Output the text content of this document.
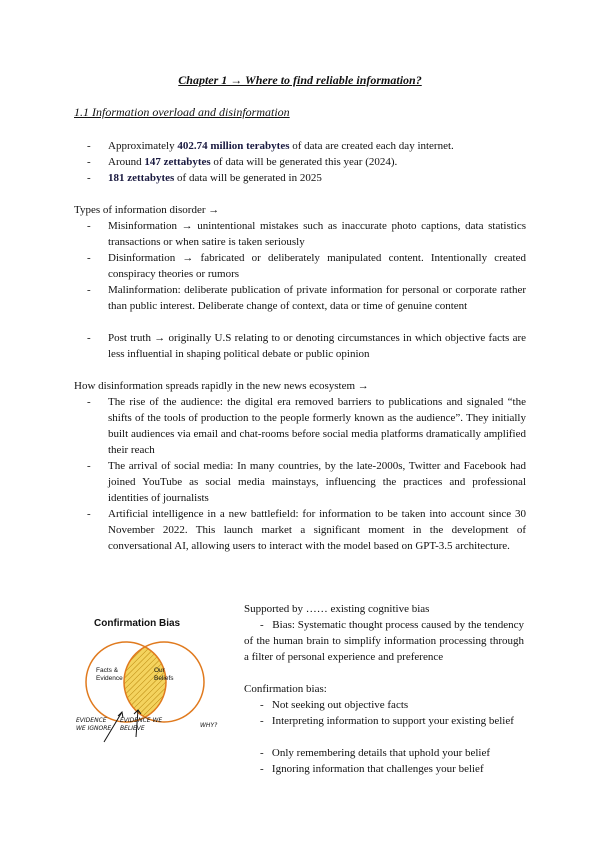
Chapter 1 → Where to find reliable information?
1.1 Information overload and disinformation
- Approximately 402.74 million terabytes of data are created each day internet.
- Around 147 zettabytes of data will be generated this year (2024).
- 181 zettabytes of data will be generated in 2025
Types of information disorder →
- Misinformation → unintentional mistakes such as inaccurate photo captions, data statistics transactions or when satire is taken seriously
- Disinformation → fabricated or deliberately manipulated content. Intentionally created conspiracy theories or rumors
- Malinformation: deliberate publication of private information for personal or corporate rather than public interest. Deliberate change of context, data or time of genuine content
- Post truth → originally U.S relating to or denoting circumstances in which objective facts are less influential in shaping political debate or public opinion
How disinformation spreads rapidly in the new news ecosystem →
- The rise of the audience: the digital era removed barriers to publications and signaled “the shifts of the tools of production to the people formerly known as the audience”. They initially built audiences via email and chat-rooms before social media platforms dramatically amplified their reach
- The arrival of social media: In many countries, by the late-2000s, Twitter and Facebook had joined YouTube as social media mainstays, influencing the practices and professional identities of journalists
- Artificial intelligence in a new battlefield: for information to be taken into account since 30 November 2022. This launch market a significant moment in the development of conversational AI, allowing users to interact with the model based on GPT-3.5 architecture.
Confirmation Bias
Facts & Evidence
Our Beliefs
EVIDENCE WE IGNORE
EVIDENCE WE BELIEVE	WHY?
Supported by …… existing cognitive bias
-   Bias: Systematic thought process caused by the tendency of the human brain to simplify information processing through a filter of personal experience and preference
Confirmation bias:
-   Not seeking out objective facts
-   Interpreting information to support your existing belief
-   Only remembering details that uphold your belief
-   Ignoring information that challenges your belief
